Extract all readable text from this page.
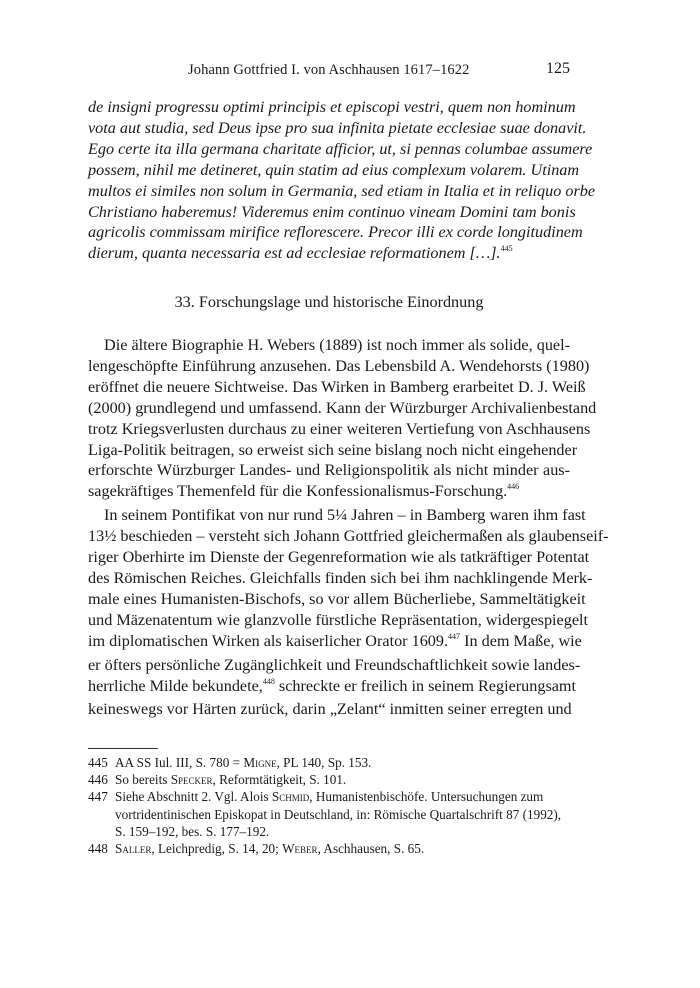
Johann Gottfried I. von Aschhausen 1617–1622	125
de insigni progressu optimi principis et episcopi vestri, quem non hominum
vota aut studia, sed Deus ipse pro sua infinita pietate ecclesiae suae donavit.
Ego certe ita illa germana charitate afficior, ut, si pennas columbae assumere
possem, nihil me detineret, quin statim ad eius complexum volarem. Utinam
multos ei similes non solum in Germania, sed etiam in Italia et in reliquo orbe
Christiano haberemus! Videremus enim continuo vineam Domini tam bonis
agricolis commissam mirifice reflorescere. Precor illi ex corde longitudinem
dierum, quanta necessaria est ad ecclesiae reformationem […].$^{445}$
33. Forschungslage und historische Einordnung
Die ältere Biographie H. Webers (1889) ist noch immer als solide, quel-
lengeschöpfte Einführung anzusehen. Das Lebensbild A. Wendehorsts (1980)
eröffnet die neuere Sichtweise. Das Wirken in Bamberg erarbeitet D. J. Weiß
(2000) grundlegend und umfassend. Kann der Würzburger Archivalienbestand
trotz Kriegsverlusten durchaus zu einer weiteren Vertiefung von Aschhausens
Liga-Politik beitragen, so erweist sich seine bislang noch nicht eingehender
erforschte Würzburger Landes- und Religionspolitik als nicht minder aus-
sagekräftiges Themenfeld für die Konfessionalismus-Forschung.$^{446}$
In seinem Pontifikat von nur rund 5¼ Jahren – in Bamberg waren ihm fast
13½ beschieden – versteht sich Johann Gottfried gleichermaßen als glaubenseif-
riger Oberhirte im Dienste der Gegenreformation wie als tatkräftiger Potentat
des Römischen Reiches. Gleichfalls finden sich bei ihm nachklingende Merk-
male eines Humanisten-Bischofs, so vor allem Bücherliebe, Sammeltätigkeit
und Mäzenatentum wie glanzvolle fürstliche Repräsentation, widergespiegelt
im diplomatischen Wirken als kaiserlicher Orator 1609.$^{447}$ In dem Maße, wie
er öfters persönliche Zugänglichkeit und Freundschaftlichkeit sowie landes-
herrliche Milde bekundete,$^{448}$ schreckte er freilich in seinem Regierungsamt
keineswegs vor Härten zurück, darin „Zelant“ inmitten seiner erregten und
445 AA SS Iul. III, S. 780 = Migne, PL 140, Sp. 153.
446 So bereits Specker, Reformtätigkeit, S. 101.
447 Siehe Abschnitt 2. Vgl. Alois Schmid, Humanistenbischöfe. Untersuchungen zum vortridentinischen Episkopat in Deutschland, in: Römische Quartalschrift 87 (1992), S. 159–192, bes. S. 177–192.
448 Saller, Leichpredig, S. 14, 20; Weber, Aschhausen, S. 65.
